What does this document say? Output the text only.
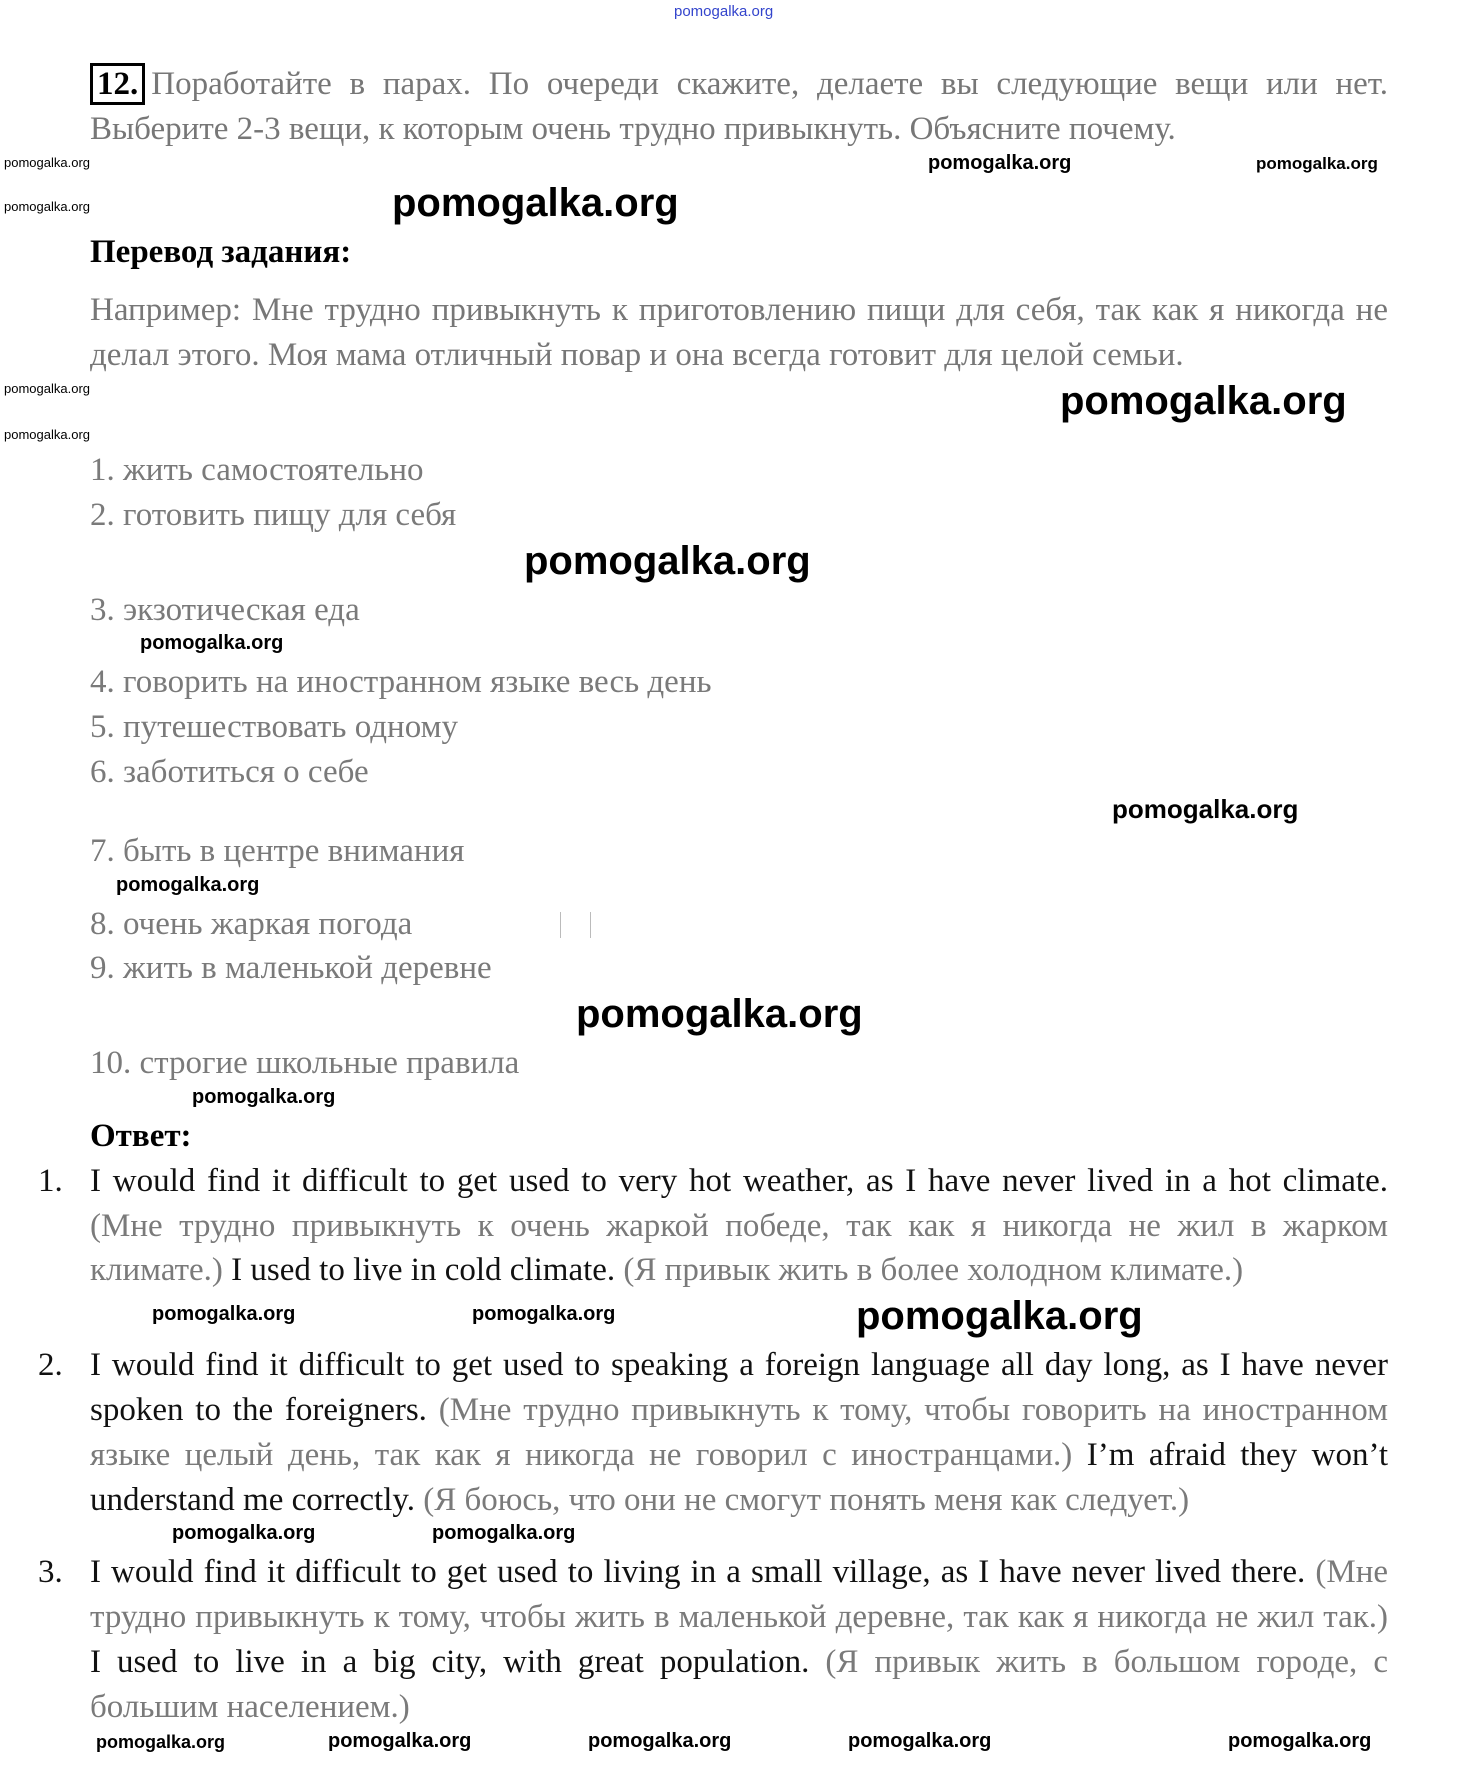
pomogalka.org
12. Поработайте в парах. По очереди скажите, делаете вы следующие вещи или нет. Выберите 2-3 вещи, к которым очень трудно привыкнуть. Объясните почему.
pomogalka.org	pomogalka.org	pomogalka.org
pomogalka.org	pomogalka.org
Перевод задания:
Например: Мне трудно привыкнуть к приготовлению пищи для себя, так как я никогда не делал этого. Моя мама отличный повар и она всегда готовит для целой семьи.
pomogalka.org	pomogalka.org
pomogalka.org
1. жить самостоятельно
2. готовить пищу для себя
pomogalka.org
3. экзотическая еда
pomogalka.org
4. говорить на иностранном языке весь день
5. путешествовать одному
6. заботиться о себе
pomogalka.org
7. быть в центре внимания
pomogalka.org
8. очень жаркая погода
9. жить в маленькой деревне
pomogalka.org
10. строгие школьные правила
pomogalka.org
Ответ:
1. I would find it difficult to get used to very hot weather, as I have never lived in a hot climate. (Мне трудно привыкнуть к очень жаркой победе, так как я никогда не жил в жарком климате.) I used to live in cold climate. (Я привык жить в более холодном климате.)
pomogalka.org	pomogalka.org	pomogalka.org
2. I would find it difficult to get used to speaking a foreign language all day long, as I have never spoken to the foreigners. (Мне трудно привыкнуть к тому, чтобы говорить на иностранном языке целый день, так как я никогда не говорил с иностранцами.) I’m afraid they won’t understand me correctly. (Я боюсь, что они не смогут понять меня как следует.)
pomogalka.org	pomogalka.org
3. I would find it difficult to get used to living in a small village, as I have never lived there. (Мне трудно привыкнуть к тому, чтобы жить в маленькой деревне, так как я никогда не жил так.) I used to live in a big city, with great population. (Я привык жить в большом городе, с большим населением.)
pomogalka.org	pomogalka.org	pomogalka.org	pomogalka.org	pomogalka.org
